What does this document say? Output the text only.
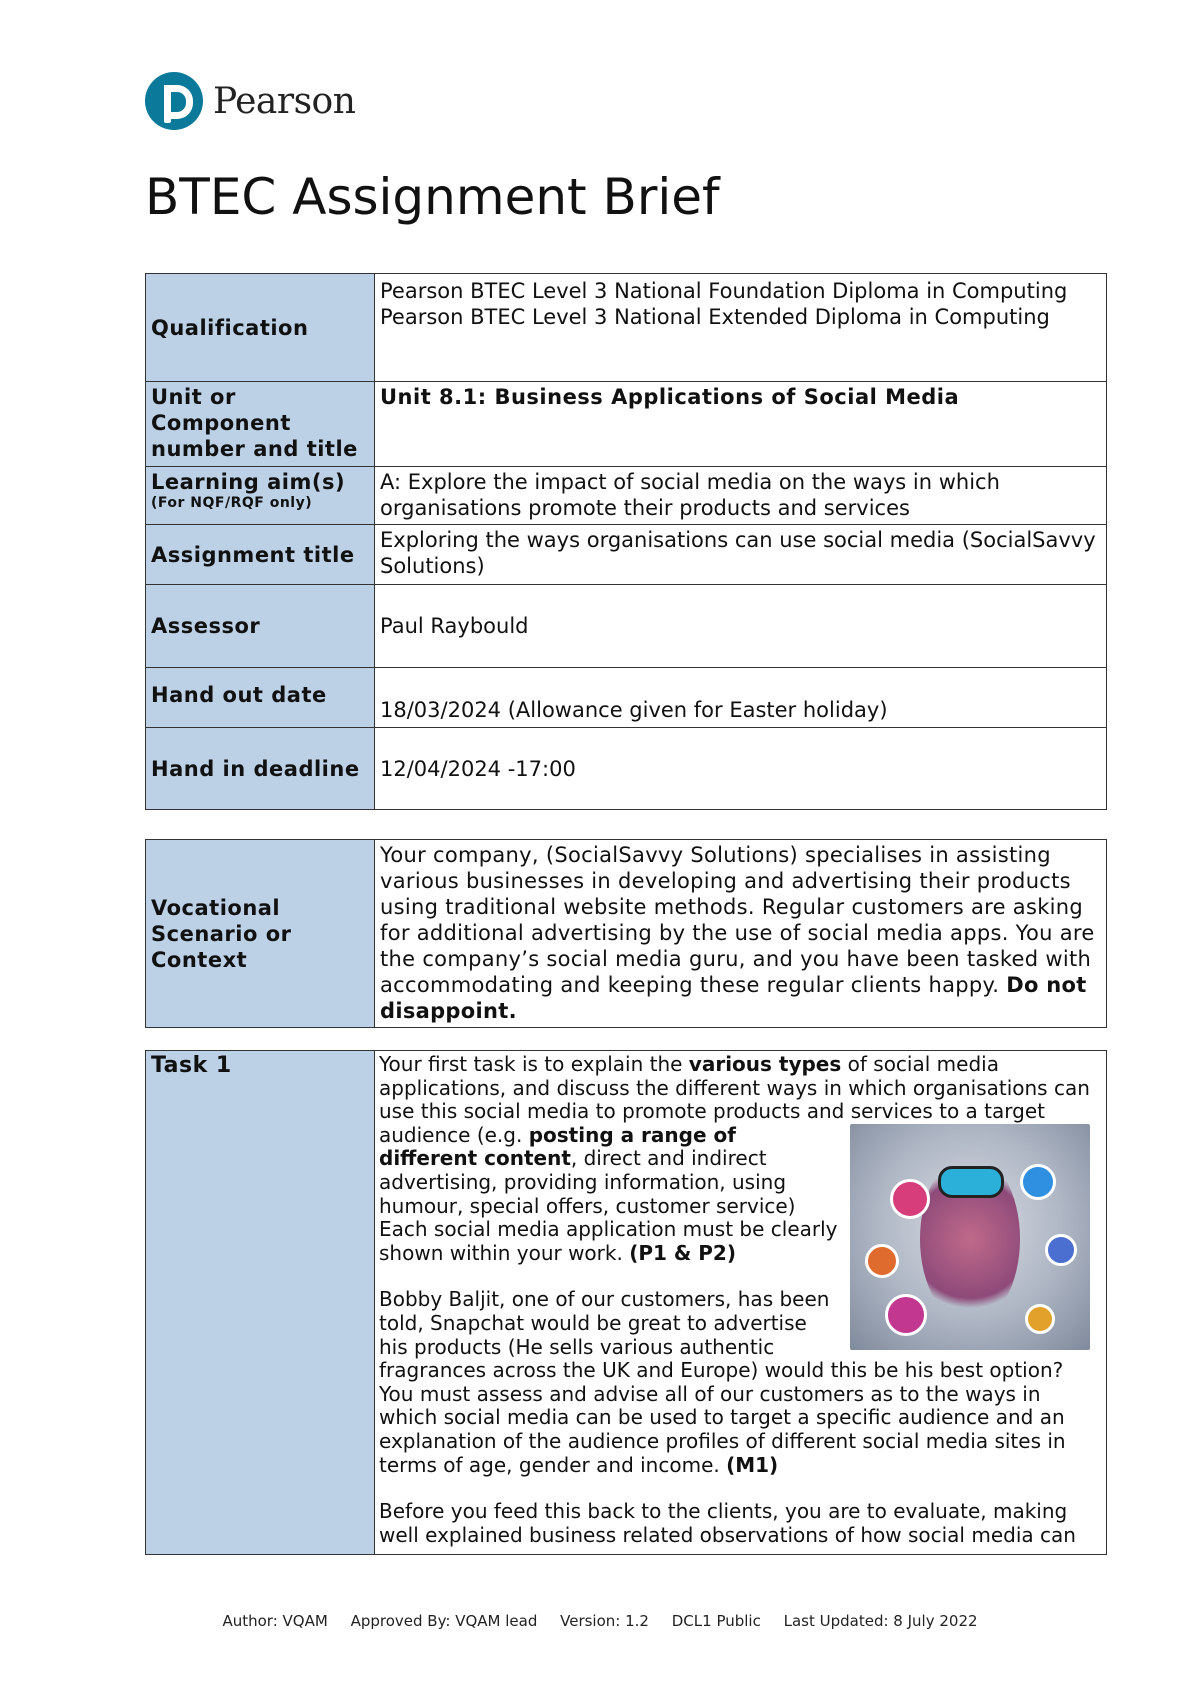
Pearson
BTEC Assignment Brief
Qualification	Pearson BTEC Level 3 National Foundation Diploma in Computing
Pearson BTEC Level 3 National Extended Diploma in Computing

Unit or Component number and title	Unit 8.1: Business Applications of Social Media
Learning aim(s)
(For NQF/RQF only)	A: Explore the impact of social media on the ways in which organisations promote their products and services
Assignment title	Exploring the ways organisations can use social media (SocialSavvy Solutions)
Assessor	Paul Raybould
Hand out date	18/03/2024 (Allowance given for Easter holiday)
Hand in deadline	12/04/2024 -17:00
Vocational Scenario or Context	Your company, (SocialSavvy Solutions) specialises in assisting various businesses in developing and advertising their products using traditional website methods. Regular customers are asking for additional advertising by the use of social media apps. You are the company’s social media guru, and you have been tasked with accommodating and keeping these regular clients happy. Do not disappoint.
Task 1	Your first task is to explain the various types of social media applications, and discuss the different ways in which organisations can use this social media to promote products and services to a target audience (e.g.
posting a range of different content, direct and indirect advertising, providing information, using humour, special offers, customer service) Each social media application must be clearly shown within your work. (P1 & P2)
Bobby Baljit, one of our customers, has been told, Snapchat would be great to advertise his products (He sells various authentic fragrances across the UK and Europe) would this be his best option? You must assess and advise all of our customers as to the ways in which social media can be used to target a specific audience and an explanation of the audience profiles of different social media sites in terms of age, gender and income. (M1)
Before you feed this back to the clients, you are to evaluate, making well explained business related observations of how social media can
Author: VQAM Approved By: VQAM lead Version: 1.2 DCL1 Public Last Updated: 8 July 2022
